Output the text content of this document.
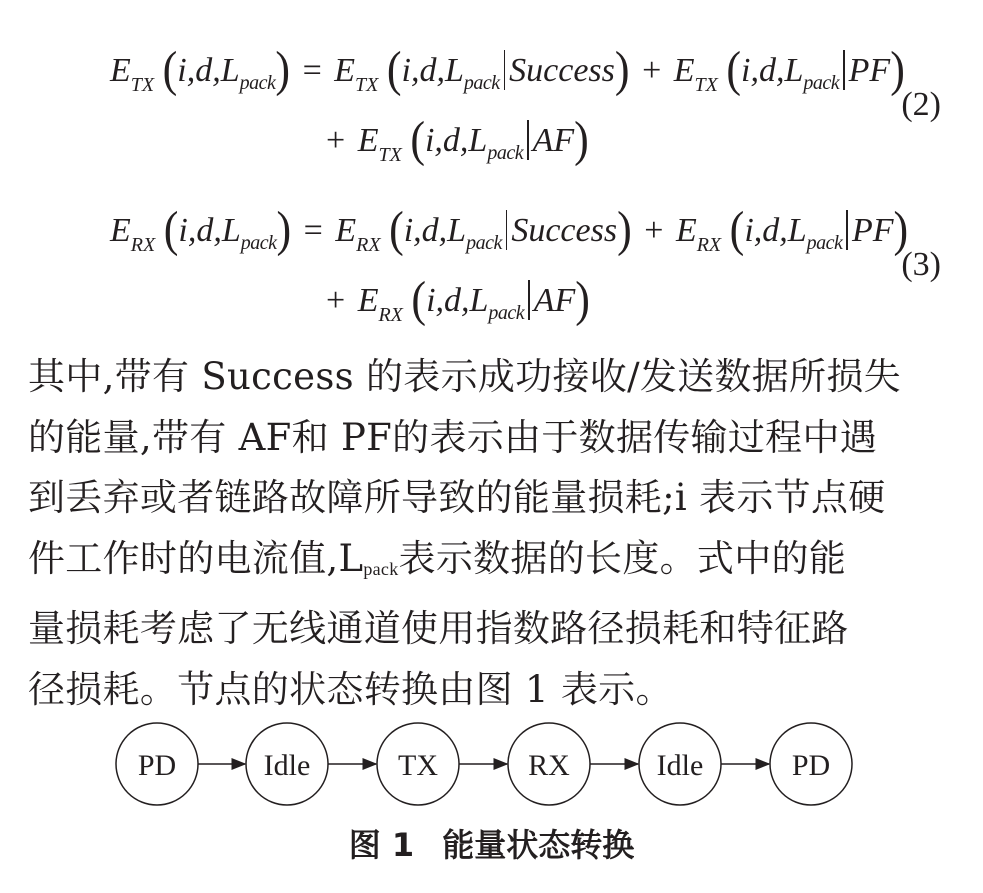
$E_{TX}$ $(i,d,L_{pack}) = E_{TX}$ ($i,d,L_{pack}$ Success) + $E_{TX}$ ($i,d,L_{pack}$ PF)
+ $E_{TX}$ ($i,d,L_{pack}$ AF)
(2)
$E_{RX}$ $(i,d,L_{pack}) = E_{RX}$ ($i,d,L_{pack}$ Success) + $E_{RX}$ ($i,d,L_{pack}$ PF)
+ $E_{RX}$ ($i,d,L_{pack}$ AF)
(3)

其中,带有 Success 的表示成功接收/发送数据所损失

的能量,带有 AF和 PF的表示由于数据传输过程中遇

到丢弃或者链路故障所导致的能量损耗;i 表示节点硬

件工作时的电流值,Lpack表示数据的长度。式中的能

量损耗考虑了无线通道使用指数路径损耗和特征路

径损耗。节点的状态转换由图 1 表示。

PD	Idle	TX	RX	Idle	PD
图 1 能量状态转换
